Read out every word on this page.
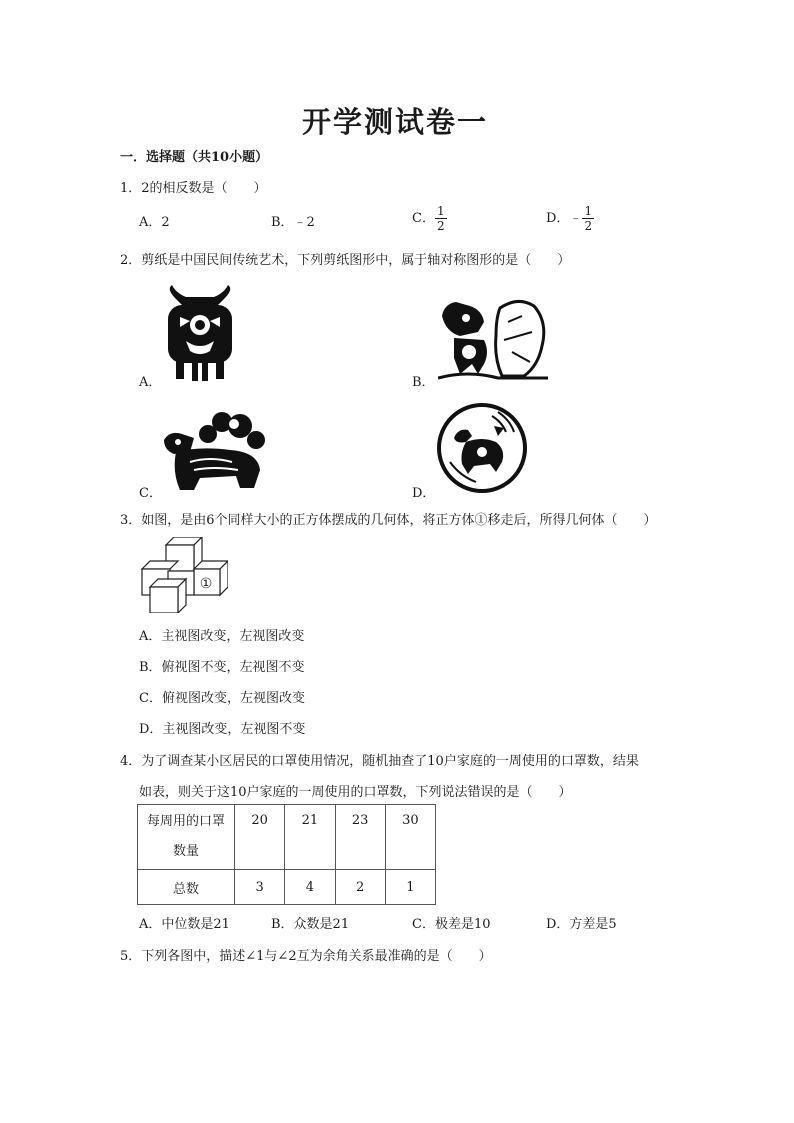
开学测试卷一
一．选择题（共10小题）
1．2的相反数是（　　）
A．2	B．﹣2	C． $\frac{1}{2}$	D．﹣ $\frac{1}{2}$
2．剪纸是中国民间传统艺术，下列剪纸图形中，属于轴对称图形的是（　　）
A．	B．
C．	D．
3．如图，是由6个同样大小的正方体摆成的几何体，将正方体①移走后，所得几何体（　　）
①
A．主视图改变，左视图改变
B．俯视图不变，左视图不变
C．俯视图改变，左视图改变
D．主视图改变，左视图不变
4．为了调查某小区居民的口罩使用情况，随机抽查了10户家庭的一周使用的口罩数，结果
如表，则关于这10户家庭的一周使用的口罩数，下列说法错误的是（　　）
每周用的口罩
数量	20	21	23	30
总数	3	4	2	1
A．中位数是21	B．众数是21	C．极差是10	D．方差是5
5．下列各图中，描述∠1与∠2互为余角关系最准确的是（　　）
